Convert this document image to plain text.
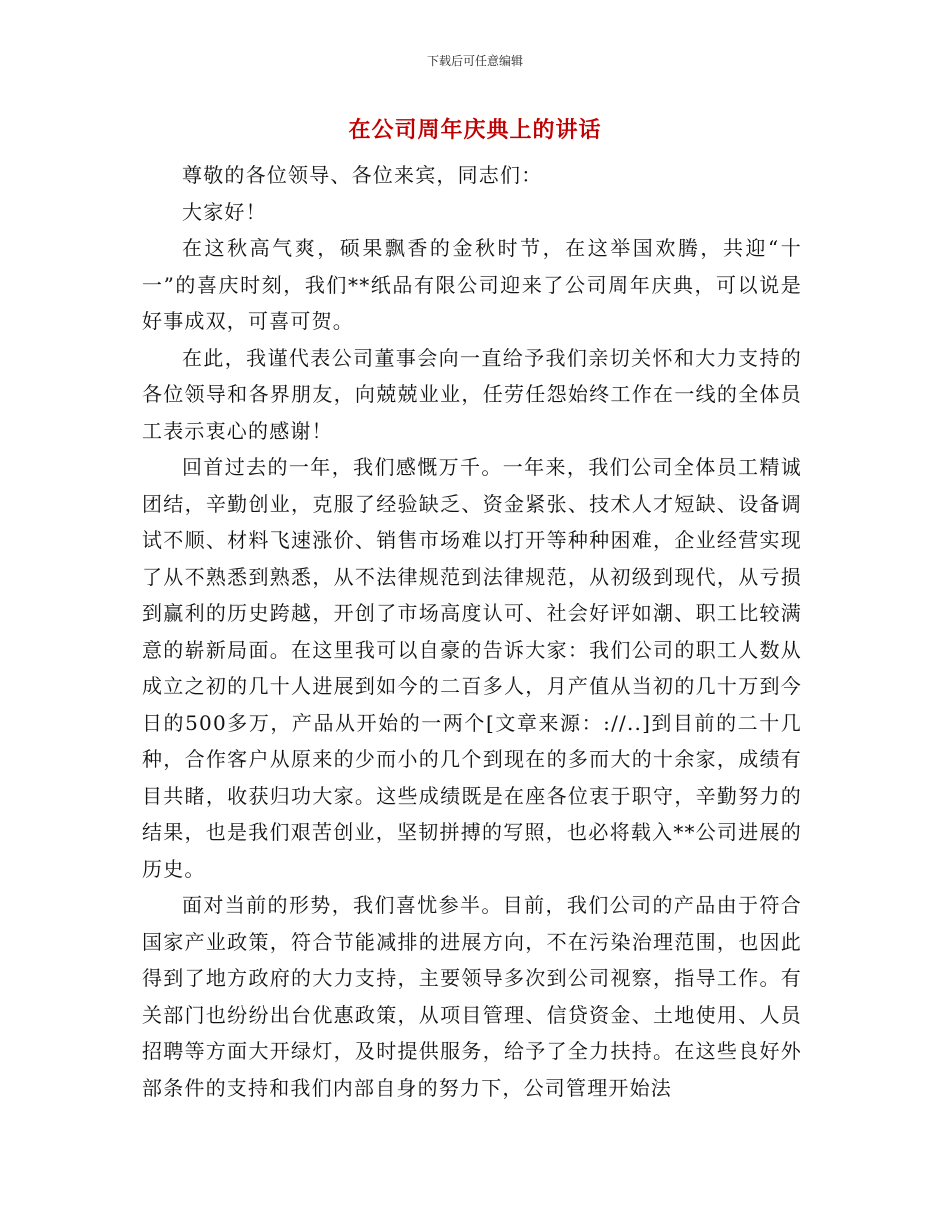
下载后可任意编辑
在公司周年庆典上的讲话

尊敬的各位领导、各位来宾，同志们：

大家好！

在这秋高气爽，硕果飘香的金秋时节，在这举国欢腾，共迎“十一”的喜庆时刻，我们**纸品有限公司迎来了公司周年庆典，可以说是好事成双，可喜可贺。

在此，我谨代表公司董事会向一直给予我们亲切关怀和大力支持的各位领导和各界朋友，向兢兢业业，任劳任怨始终工作在一线的全体员工表示衷心的感谢！

回首过去的一年，我们感慨万千。一年来，我们公司全体员工精诚团结，辛勤创业，克服了经验缺乏、资金紧张、技术人才短缺、设备调试不顺、材料飞速涨价、销售市场难以打开等种种困难，企业经营实现了从不熟悉到熟悉，从不法律规范到法律规范，从初级到现代，从亏损到赢利的历史跨越，开创了市场高度认可、社会好评如潮、职工比较满意的崭新局面。在这里我可以自豪的告诉大家：我们公司的职工人数从成立之初的几十人进展到如今的二百多人，月产值从当初的几十万到今日的500多万，产品从开始的一两个[文章来源：://..]到目前的二十几种，合作客户从原来的少而小的几个到现在的多而大的十余家，成绩有目共睹，收获归功大家。这些成绩既是在座各位衷于职守，辛勤努力的结果，也是我们艰苦创业，坚韧拼搏的写照，也必将载入**公司进展的历史。

面对当前的形势，我们喜忧参半。目前，我们公司的产品由于符合国家产业政策，符合节能减排的进展方向，不在污染治理范围，也因此得到了地方政府的大力支持，主要领导多次到公司视察，指导工作。有关部门也纷纷出台优惠政策，从项目管理、信贷资金、土地使用、人员招聘等方面大开绿灯，及时提供服务，给予了全力扶持。在这些良好外部条件的支持和我们内部自身的努力下，公司管理开始法
